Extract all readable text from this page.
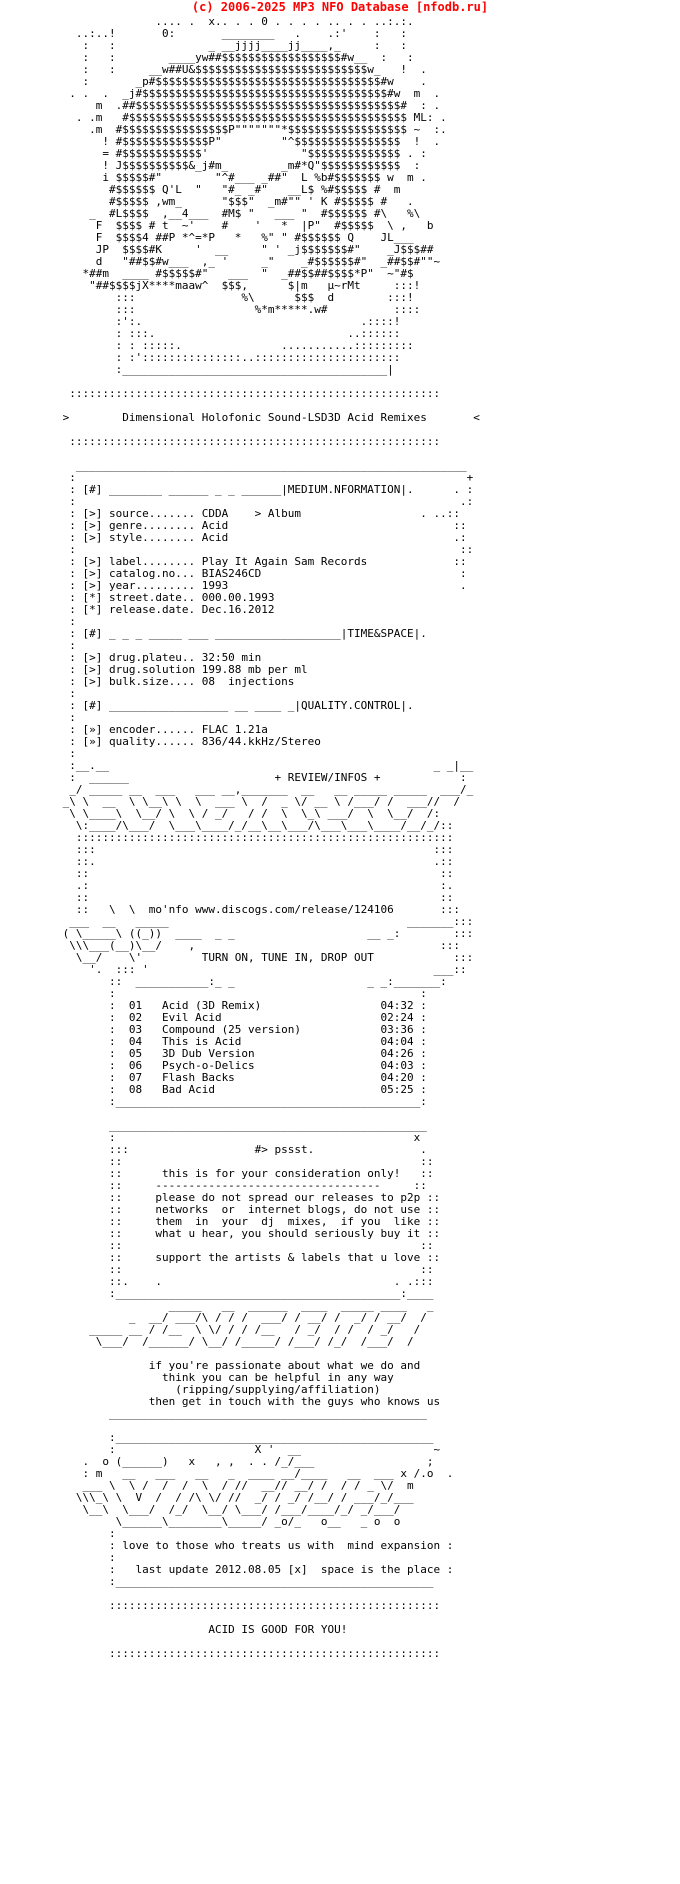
(c) 2006-2025 MP3 NFO Database [nfodb.ru]
.... .  x.. . . 0 . . . . .. . . ..:.:.
..:..!       0:       ________   .    .:'    :   :
:   :              _ __jjjj____jj____,_     :   :
:   :        ____yw##$$$$$$$$$$$$$$$$$$#w__  :   :
:   :     __w##U&$$$$$$$$$$$$$$$$$$$$$$$$$$w_   !  .
:       _p#$$$$$$$$$$$$$$$$$$$$$$$$$$$$$$$$$$#w    .
. .  .  _j#$$$$$$$$$$$$$$$$$$$$$$$$$$$$$$$$$$$$$#w  m  .
m  .##$$$$$$$$$$$$$$$$$$$$$$$$$$$$$$$$$$$$$$$$#  : .
. .m   #$$$$$$$$$$$$$$$$$$$$$$$$$$$$$$$$$$$$$$$$$$ ML: .
.m  #$$$$$$$$$$$$$$$$P"""""""*$$$$$$$$$$$$$$$$$$ ~  :.
! #$$$$$$$$$$$$$P"         "^$$$$$$$$$$$$$$$$  !  .
= #$$$$$$$$$$$$'              "$$$$$$$$$$$$$$ . :
! J$$$$$$$$$$&_j#m_        _m#*Q"$$$$$$$$$$$$  :
i $$$$$#"        "^#___ _##"  L %b#$$$$$$$ w  m .
#$$$$$$ Q'L  "   "#_ _#"   __L$ %#$$$$$ #  m
#$$$$$ ,wm_      "$$$"  _m#"" ' K #$$$$$ #   .
_  #L$$$$  ,__4___  #M$ "   ___ "  #$$$$$$ #\   %\
F  $$$$ # t  ~'    #    '   *  |P"  #$$$$$  \ ,   b
F  $$$$4 ##P *^=*P   *   %" " #$$$$$$ Q    JL___
JP  $$$$#K     '  __     " ' _j$$$$$$$#"    _J$$$##
d   "##$$#w___  ,_ '     _"    _#$$$$$$#"  _##$$#""~
*##m  ____ #$$$$$#"   ___  "  _##$$##$$$$*P"  ~"#$
"##$$$$jX****maaw^  $$$,      $|m   µ~rMt     :::!
:::                %\      $$$  d        :::!
:::                  %*m*****.w#          ::::
:':.                                 .::::!
: :::.                             ..::::::
: : :::::.               ...........:::::::::
: :':::::::::::::::..::::::::::::::::::::::
:________________________________________|

::::::::::::::::::::::::::::::::::::::::::::::::::::::::

>        Dimensional Holofonic Sound-LSD3D Acid Remixes       <

::::::::::::::::::::::::::::::::::::::::::::::::::::::::

___________________________________________________________
:                                                           +
: [#] ________ ______ _ _ ______|MEDIUM.NFORMATION|.      . :
:                                                          .:
: [>] source....... CDDA    > Album                  . ..::
: [>] genre........ Acid                                  ::
: [>] style........ Acid                                  .:
:                                                          ::
: [>] label........ Play It Again Sam Records             ::
: [>] catalog.no... BIAS246CD                              :
: [>] year......... 1993                                   .
: [*] street.date.. 000.00.1993
: [*] release.date. Dec.16.2012
:
: [#] _ _ _ _____ ___ ___________________|TIME&SPACE|.
:
: [>] drug.plateu.. 32:50 min
: [>] drug.solution 199.88 mb per ml
: [>] bulk.size.... 08  injections
:
: [#] __________________ __ ____ _|QUALITY.CONTROL|.
:
: [»] encoder...... FLAC 1.21a
: [»] quality...... 836/44.kkHz/Stereo
:
:__.__                                                 _ _|__
:  ______                      + REVIEW/INFOS +            :
_/ _____ __  ___   ___ __,_______  __   __ _____ _____  ___/_
_\ \  __  \ \__\ \  \  ___ \  /  _ \/ __ \ /___/ /  ___//  /
\ \____\  \__/ \  \ / _/   / /  \  \_\ ___/  \  \__/  /:
\:____/\___/  \___\____/_/__\__\___/\___\___\____/__/_/::
:::::::::::::::::::::::::::::::::::::::::::::::::::::::::
:::                                                   :::
::.                                                   .::
::                                                     ::
.:                                                     :.
::                                                     ::
::   \  \  mo'nfo www.discogs.com/release/124106       :::
___  __   _____                                    _______:::
( \_____\ ((_))  ____  _ _                    __ _:        :::
\\\___(__)\__/    ,                                     :::
\__/    \'         TURN ON, TUNE IN, DROP OUT            :::
'.  ::: '                                           ___::
::  ___________:_ _                    _ _:_______:
:                                              :
:  01   Acid (3D Remix)                  04:32 :
:  02   Evil Acid                        02:24 :
:  03   Compound (25 version)            03:36 :
:  04   This is Acid                     04:04 :
:  05   3D Dub Version                   04:26 :
:  06   Psych-o-Delics                   04:03 :
:  07   Flash Backs                      04:20 :
:  08   Bad Acid                         05:25 :
:______________________________________________:

________________________________________________
:                                             x
:::                   #> pssst.                .
::                                             ::
::      this is for your consideration only!   ::
::     ----------------------------------     ::
::     please do not spread our releases to p2p ::
::     networks  or  internet blogs, do not use ::
::     them  in  your  dj  mixes,  if you  like ::
::     what u hear, you should seriously buy it ::
::                                             ::
::     support the artists & labels that u love ::
::                                             ::
::.    .                                   . .:::
:___________________________________________:____
_____   __  ______  ____  _____ ____   _
_  __/ ___/\ / / /  ___/ / __/ /  _/ / __/  /
_____ __ / /__  \ \/ / / /__   / _/  / /  / _/   /
\___/  /______/ \__/ /_____/ /___/ /_/  /___/  /

if you're passionate about what we do and
think you can be helpful in any way
(ripping/supplying/affiliation)
then get in touch with the guys who knows us
________________________________________________

:________________________________________________
:                     X '  __                    ~
.  o (______)   x   , ,  . . /_/___                 ;
: m   __   ___   __   _  ____ __/____   __  ___ x /.o  .
___ \  \ /  /  /  \  / //  __// __/ /  / / _ \/  m
\\\_\ \  V  /  / /\ \/ //  _/ / _/ /__/ / ___/_/___
\__\  \___/  /_/  \__/ \___/ /___/____/_/ _/___/
\______\________\_____/ _o/_   o__   _ o  o
:
: love to those who treats us with  mind expansion :
:
:   last update 2012.08.05 [x]  space is the place :
:________________________________________________

::::::::::::::::::::::::::::::::::::::::::::::::::

ACID IS GOOD FOR YOU!

::::::::::::::::::::::::::::::::::::::::::::::::::
